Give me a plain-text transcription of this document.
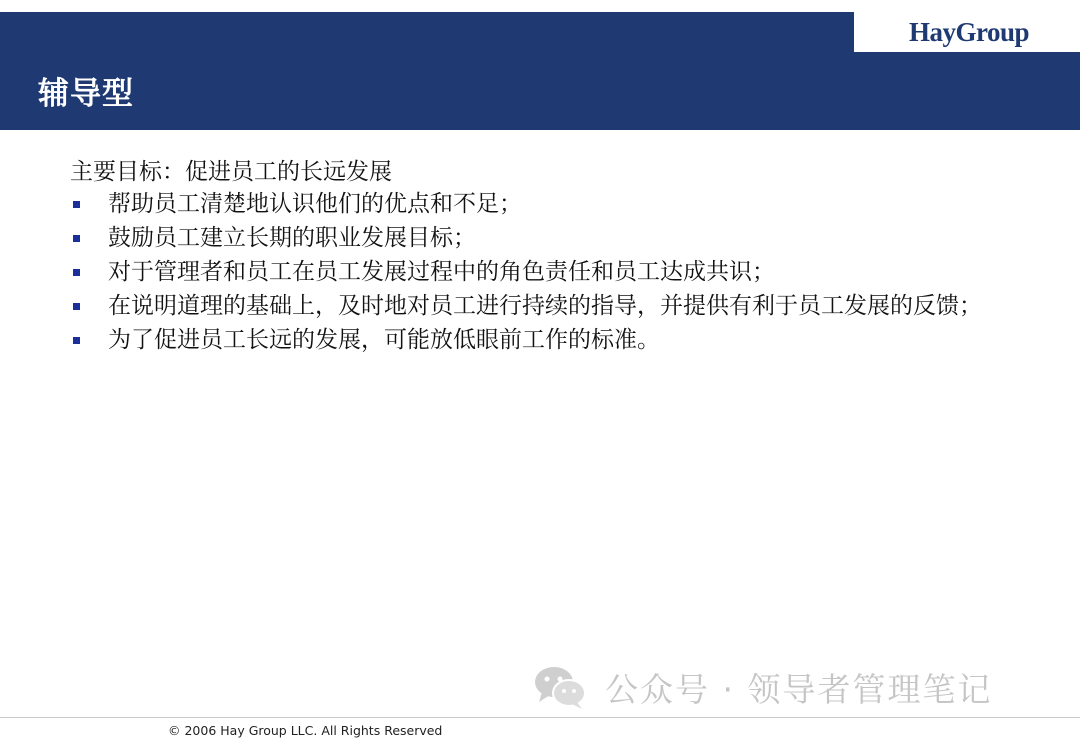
HayGroup
辅导型

主要目标：促进员工的长远发展

帮助员工清楚地认识他们的优点和不足；
鼓励员工建立长期的职业发展目标；
对于管理者和员工在员工发展过程中的角色责任和员工达成共识；
在说明道理的基础上，及时地对员工进行持续的指导，并提供有利于员工发展的反馈；
为了促进员工长远的发展，可能放低眼前工作的标准。
公众号 · 领导者管理笔记
© 2006 Hay Group LLC. All Rights Reserved
